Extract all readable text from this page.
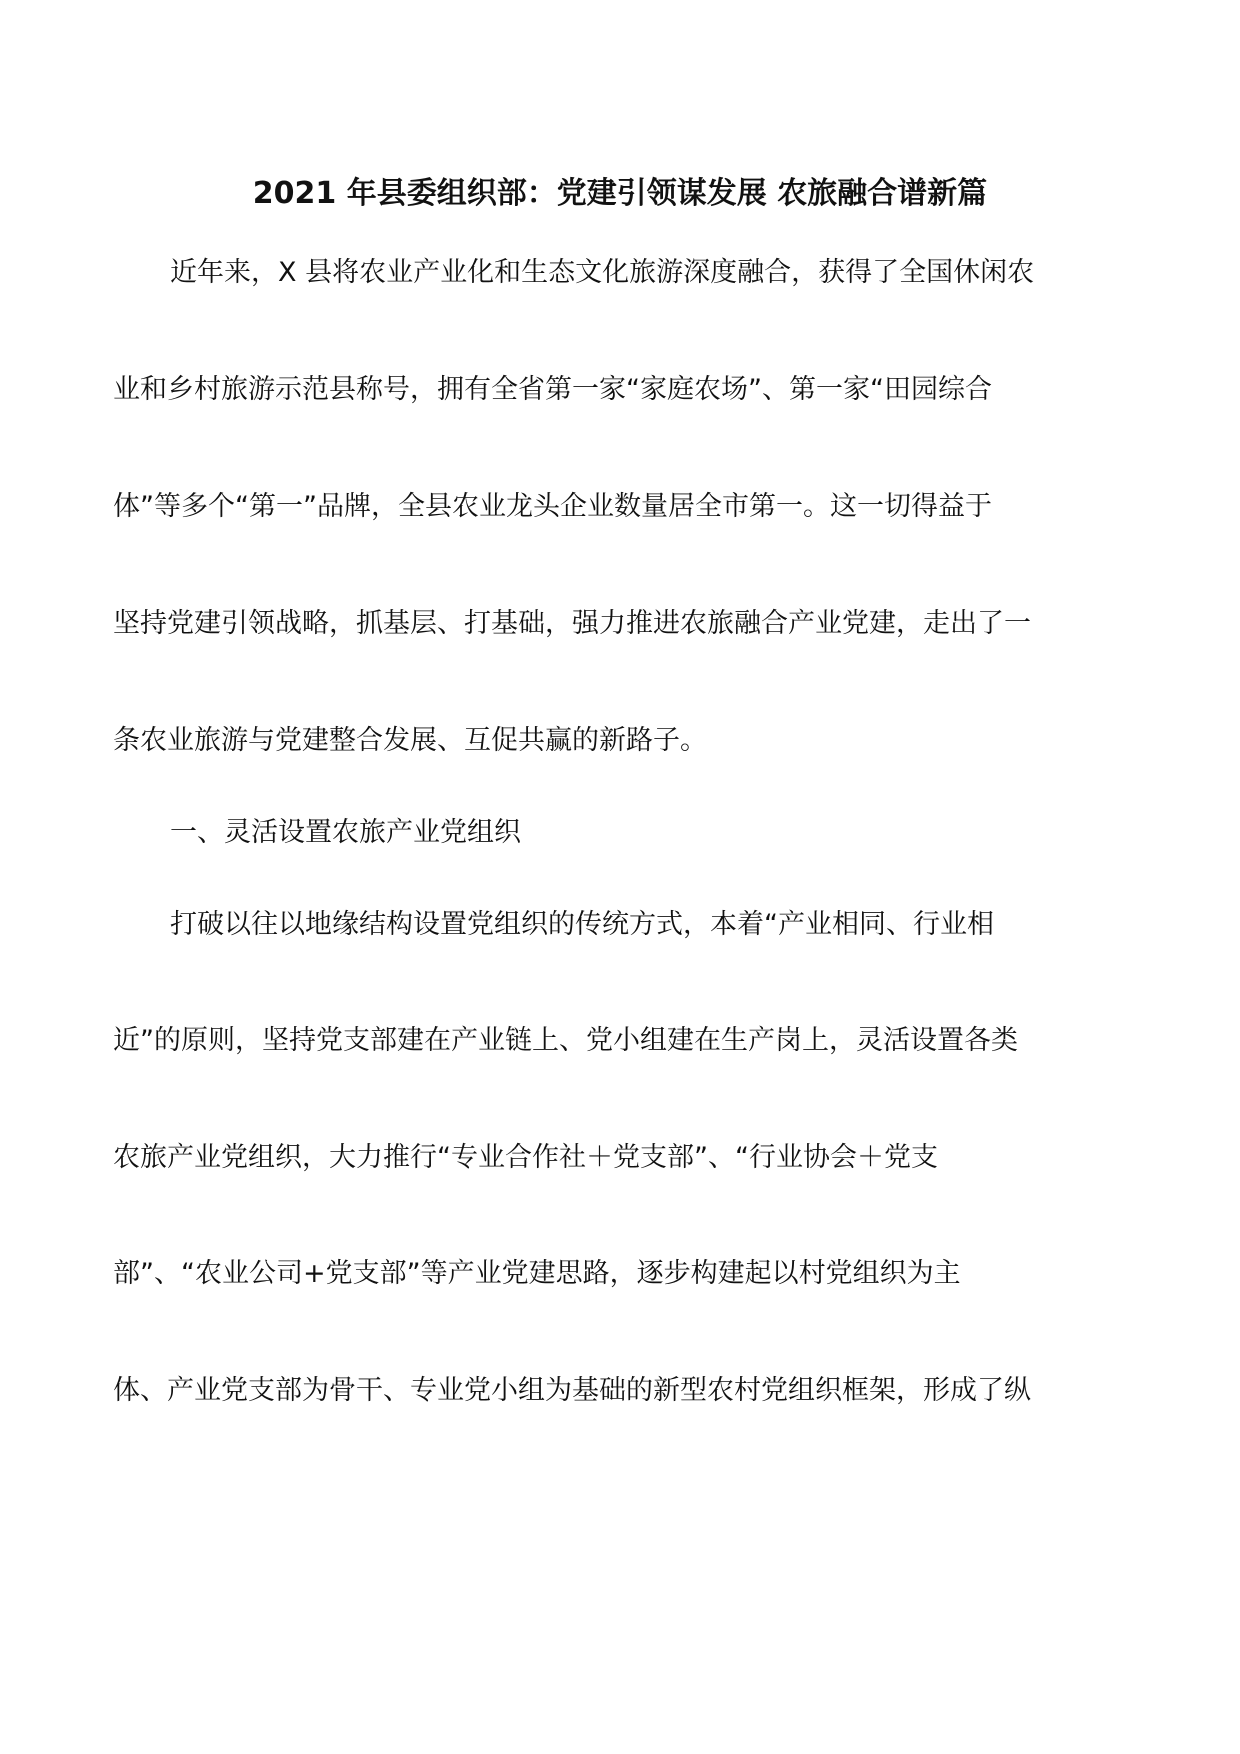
2021 年县委组织部：党建引领谋发展 农旅融合谱新篇
近年来，X 县将农业产业化和生态文化旅游深度融合，获得了全国休闲农
业和乡村旅游示范县称号，拥有全省第一家“家庭农场”、第一家“田园综合
体”等多个“第一”品牌，全县农业龙头企业数量居全市第一。这一切得益于
坚持党建引领战略，抓基层、打基础，强力推进农旅融合产业党建，走出了一
条农业旅游与党建整合发展、互促共赢的新路子。
一、灵活设置农旅产业党组织
打破以往以地缘结构设置党组织的传统方式，本着“产业相同、行业相
近”的原则，坚持党支部建在产业链上、党小组建在生产岗上，灵活设置各类
农旅产业党组织，大力推行“专业合作社＋党支部”、“行业协会＋党支
部”、“农业公司+党支部”等产业党建思路，逐步构建起以村党组织为主
体、产业党支部为骨干、专业党小组为基础的新型农村党组织框架，形成了纵
